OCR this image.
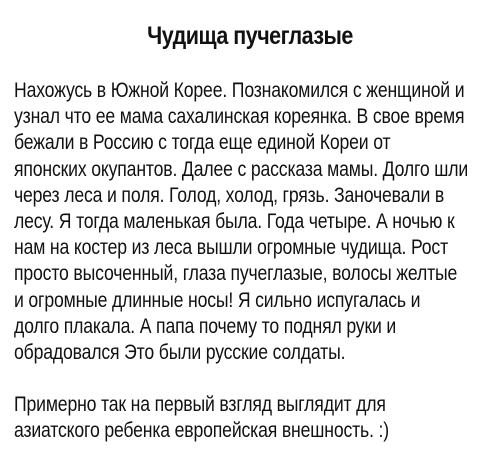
Чудища пучеглазые
Нахожусь в Южной Корее. Познакомился с женщиной и
узнал что ее мама сахалинская кореянка. В свое время
бежали в Россию с тогда еще единой Кореи от
японских окупантов. Далее с рассказа мамы. Долго шли
через леса и поля. Голод, холод, грязь. Заночевали в
лесу. Я тогда маленькая была. Года четыре. А ночью к
нам на костер из леса вышли огромные чудища. Рост
просто высоченный, глаза пучеглазые, волосы желтые
и огромные длинные носы! Я сильно испугалась и
долго плакала. А папа почему то поднял руки и
обрадовался Это были русские солдаты.
Примерно так на первый взгляд выглядит для
азиатского ребенка европейская внешность. :)
